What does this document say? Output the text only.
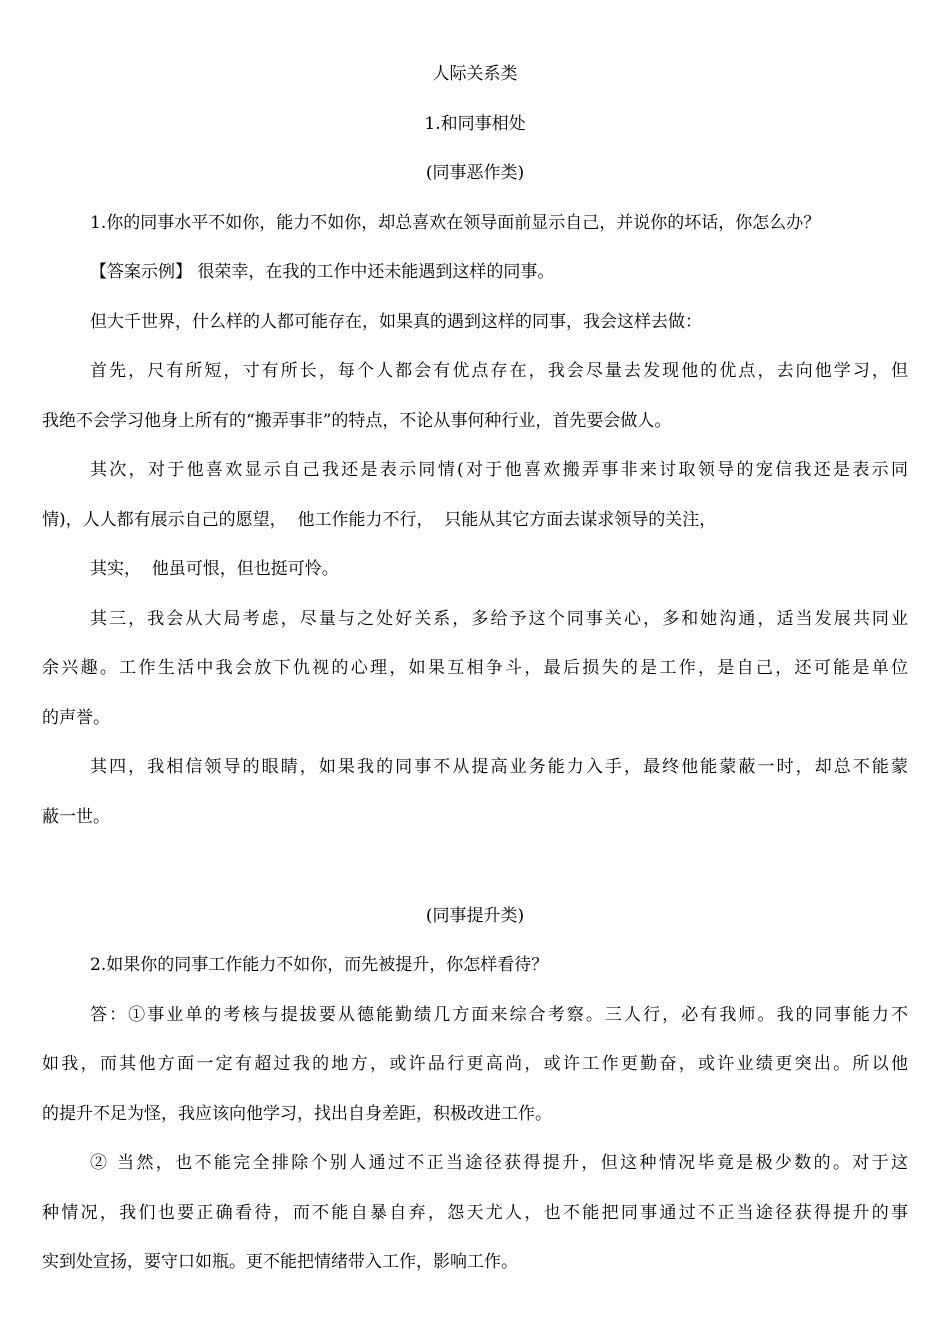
人际关系类

1.和同事相处

(同事恶作类)

1.你的同事水平不如你，能力不如你，却总喜欢在领导面前显示自己，并说你的坏话，你怎么办？

【答案示例】 很荣幸，在我的工作中还未能遇到这样的同事。

但大千世界，什么样的人都可能存在，如果真的遇到这样的同事，我会这样去做：

首先，尺有所短，寸有所长，每个人都会有优点存在，我会尽量去发现他的优点，去向他学习，但

我绝不会学习他身上所有的“搬弄事非”的特点，不论从事何种行业，首先要会做人。

其次，对于他喜欢显示自己我还是表示同情(对于他喜欢搬弄事非来讨取领导的宠信我还是表示同

情)，人人都有展示自己的愿望，  他工作能力不行，  只能从其它方面去谋求领导的关注，

其实，  他虽可恨，但也挺可怜。

其三，我会从大局考虑，尽量与之处好关系，多给予这个同事关心，多和她沟通，适当发展共同业

余兴趣。工作生活中我会放下仇视的心理，如果互相争斗，最后损失的是工作，是自己，还可能是单位

的声誉。

其四，我相信领导的眼睛，如果我的同事不从提高业务能力入手，最终他能蒙蔽一时，却总不能蒙

蔽一世。

(同事提升类)

2.如果你的同事工作能力不如你，而先被提升，你怎样看待？

答：①事业单的考核与提拔要从德能勤绩几方面来综合考察。三人行，必有我师。我的同事能力不

如我，而其他方面一定有超过我的地方，或许品行更高尚，或许工作更勤奋，或许业绩更突出。所以他

的提升不足为怪，我应该向他学习，找出自身差距，积极改进工作。

② 当然，也不能完全排除个别人通过不正当途径获得提升，但这种情况毕竟是极少数的。对于这

种情况，我们也要正确看待，而不能自暴自弃，怨天尤人，也不能把同事通过不正当途径获得提升的事

实到处宣扬，要守口如瓶。更不能把情绪带入工作，影响工作。
